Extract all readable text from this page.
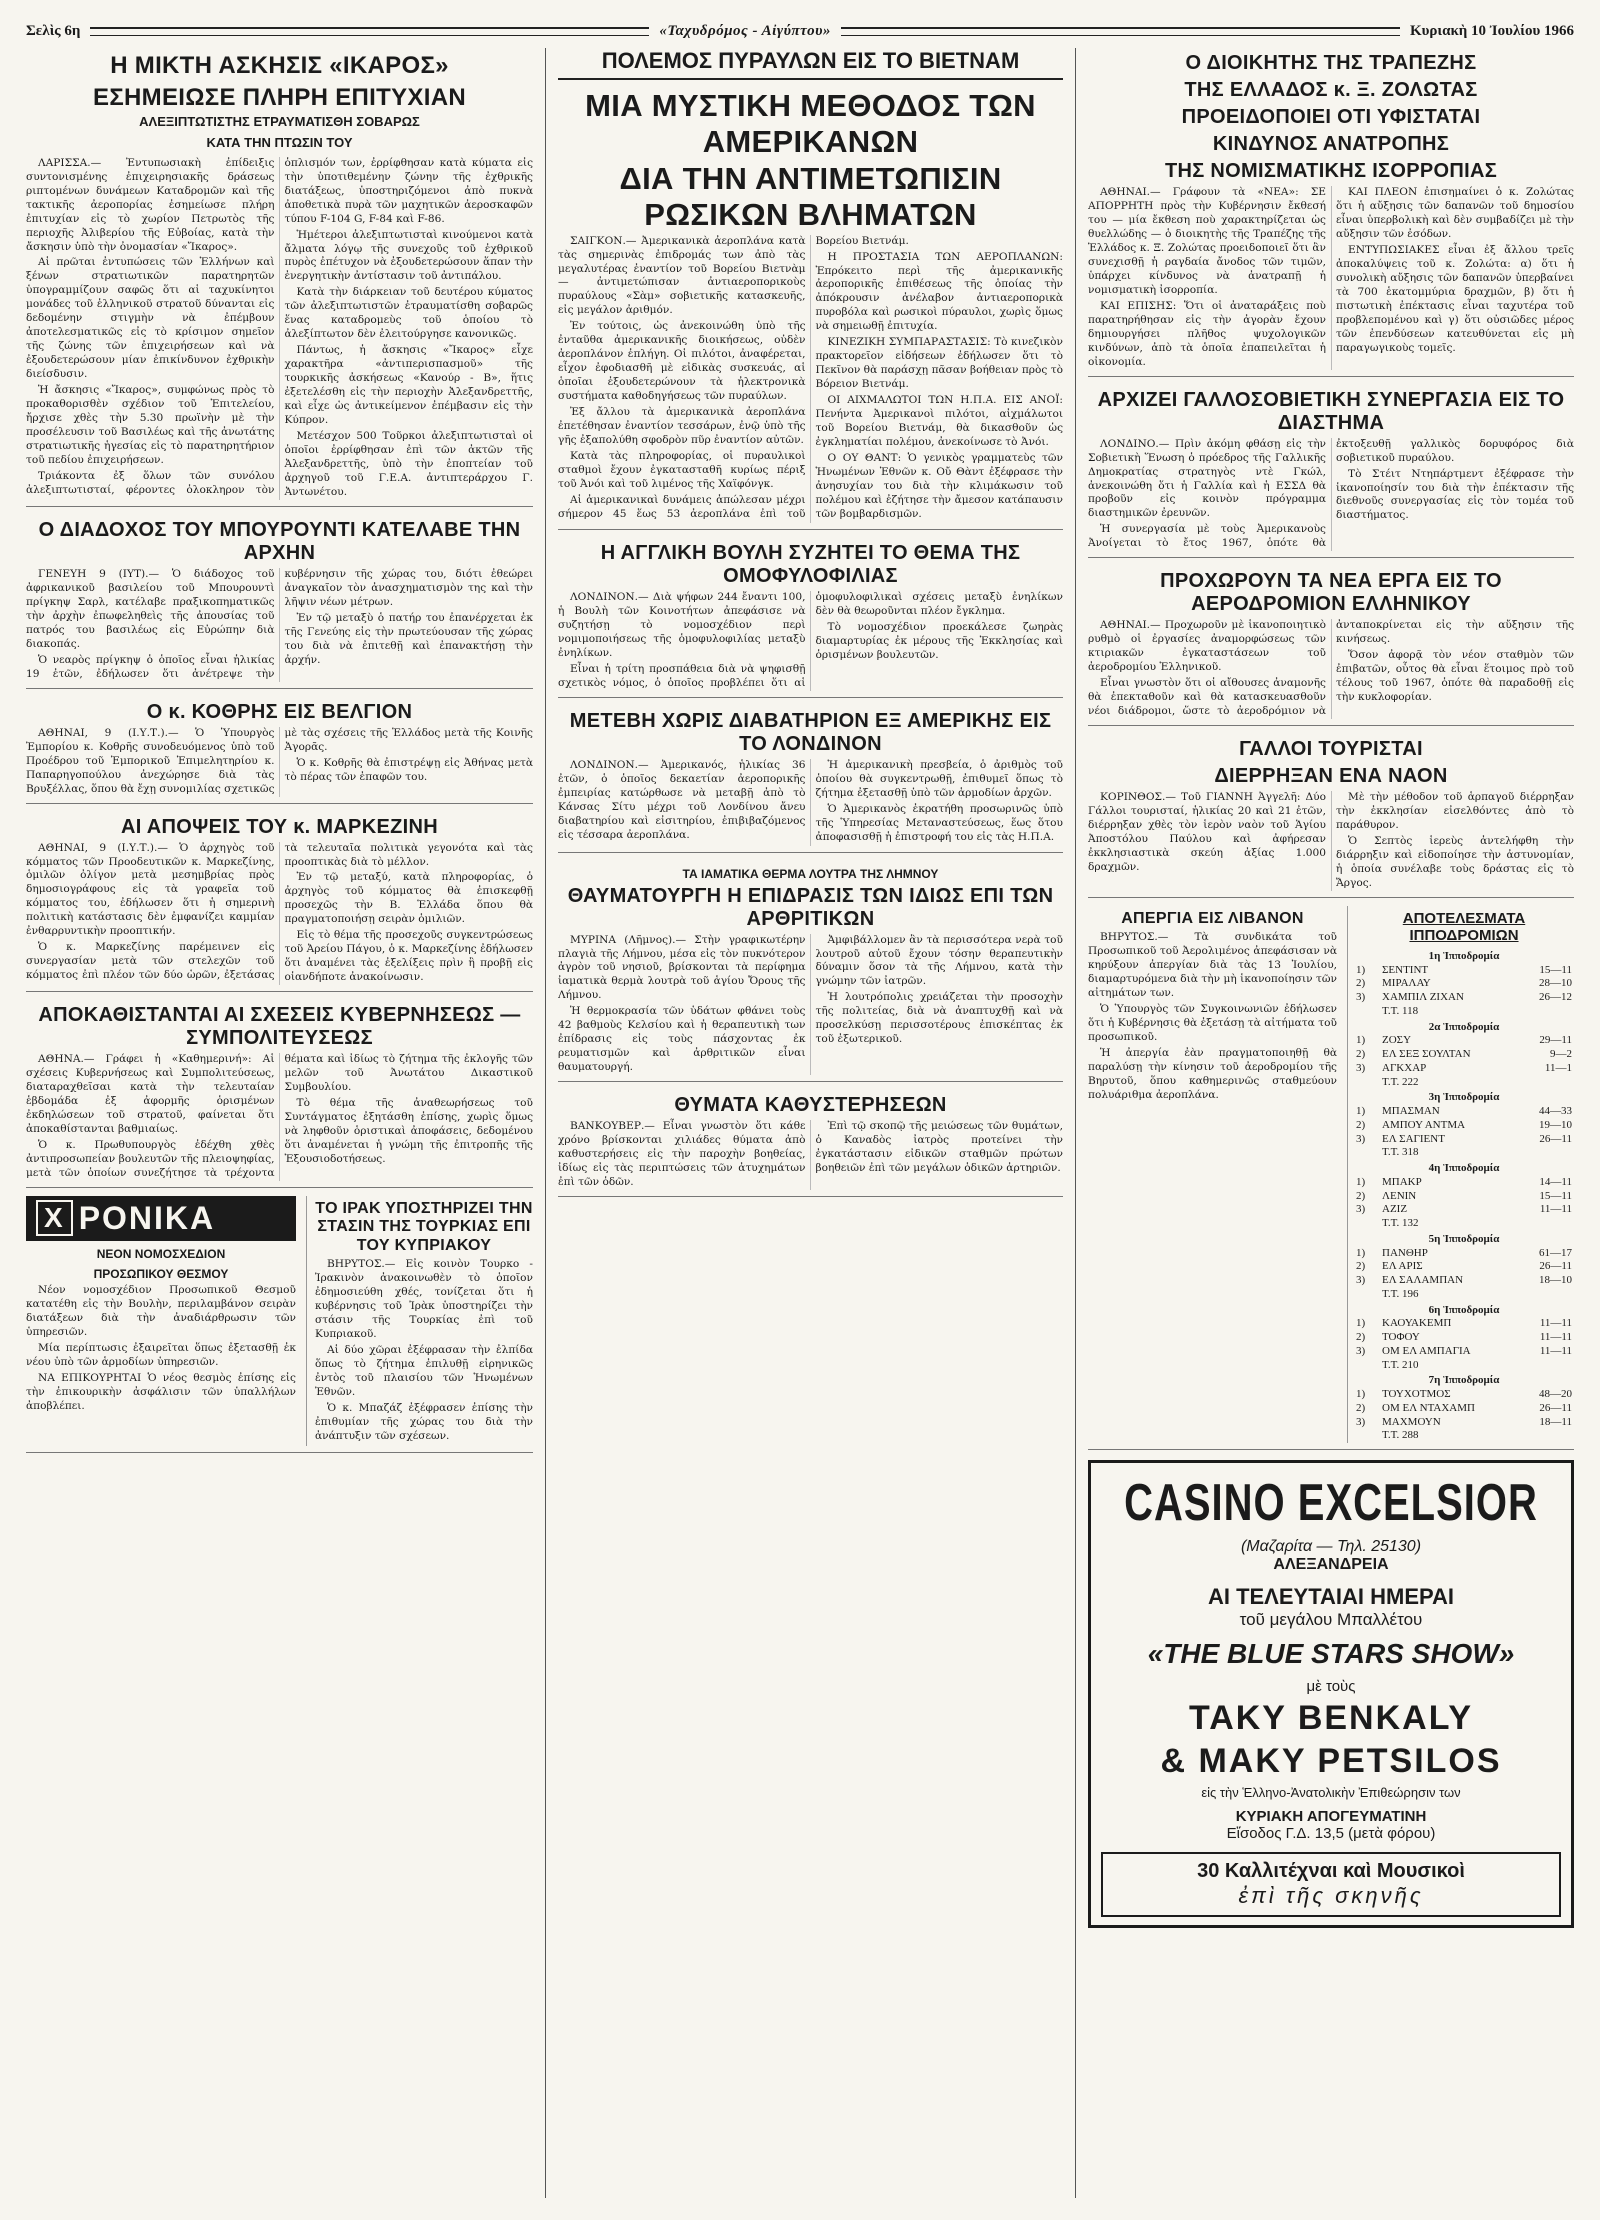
Σελὶς 6η	«Ταχυδρόμος - Αἰγύπτου»	Κυριακὴ 10 Ἰουλίου 1966
Η ΜΙΚΤΗ ΑΣΚΗΣΙΣ «ΙΚΑΡΟΣ»
ΕΣΗΜΕΙΩΣΕ ΠΛΗΡΗ ΕΠΙΤΥΧΙΑΝ
ΑΛΕΞΙΠΤΩΤΙΣΤΗΣ ΕΤΡΑΥΜΑΤΙΣΘΗ ΣΟΒΑΡΩΣ
ΚΑΤΑ ΤΗΝ ΠΤΩΣΙΝ ΤΟΥ

ΛΑΡΙΣΣΑ.— Ἐντυπωσιακὴ ἐπίδειξις συντονισμένης ἐπιχειρησιακῆς δράσεως ριπτομένων δυνάμεων Καταδρομῶν καὶ τῆς τακτικῆς ἀεροπορίας ἐσημείωσε πλήρη ἐπιτυχίαν εἰς τὸ χωρίον Πετρωτὸς τῆς περιοχῆς Ἀλιβερίου τῆς Εὐβοίας, κατὰ τὴν ἄσκησιν ὑπὸ τὴν ὀνομασίαν «Ἴκαρος».

Αἱ πρῶται ἐντυπώσεις τῶν Ἑλλήνων καὶ ξένων στρατιωτικῶν παρατηρητῶν ὑπογραμμίζουν σαφῶς ὅτι αἱ ταχυκίνητοι μονάδες τοῦ ἑλληνικοῦ στρατοῦ δύνανται εἰς δεδομένην στιγμὴν νὰ ἐπέμβουν ἀποτελεσματικῶς εἰς τὸ κρίσιμον σημεῖον τῆς ζώνης τῶν ἐπιχειρήσεων καὶ νὰ ἐξουδετερώσουν μίαν ἐπικίνδυνον ἐχθρικὴν διείσδυσιν.

Ἡ ἄσκησις «Ἴκαρος», συμφώνως πρὸς τὸ προκαθορισθὲν σχέδιον τοῦ Ἐπιτελείου, ἤρχισε χθὲς τὴν 5.30 πρωϊνὴν μὲ τὴν προσέλευσιν τοῦ Βασιλέως καὶ τῆς ἀνωτάτης στρατιωτικῆς ἡγεσίας εἰς τὸ παρατηρητήριον τοῦ πεδίου ἐπιχειρήσεων.

Τριάκοντα ἐξ ὅλων τῶν συνόλου ἀλεξιπτωτισταί, φέροντες ὁλοκληρον τὸν ὁπλισμόν των, ἐρρίφθησαν κατὰ κύματα εἰς τὴν ὑποτιθεμένην ζώνην τῆς ἐχθρικῆς διατάξεως, ὑποστηριζόμενοι ἀπὸ πυκνὰ ἀποθετικὰ πυρὰ τῶν μαχητικῶν ἀεροσκαφῶν τύπου F-104 G, F-84 καὶ F-86.

Ἡμέτεροι ἀλεξιπτωτισταὶ κινούμενοι κατὰ ἄλματα λόγῳ τῆς συνεχοῦς τοῦ ἐχθρικοῦ πυρὸς ἐπέτυχον νὰ ἐξουδετερώσουν ἅπαν τὴν ἐνεργητικὴν ἀντίστασιν τοῦ ἀντιπάλου.

Κατὰ τὴν διάρκειαν τοῦ δευτέρου κύματος τῶν ἀλεξιπτωτιστῶν ἐτραυματίσθη σοβαρῶς ἕνας καταδρομεὺς τοῦ ὁποίου τὸ ἀλεξίπτωτον δὲν ἐλειτούργησε κανονικῶς.

Πάντως, ἡ ἄσκησις «Ἴκαρος» εἶχε χαρακτῆρα «ἀντιπερισπασμοῦ» τῆς τουρκικῆς ἀσκήσεως «Κανούρ - Β», ἥτις ἐξετελέσθη εἰς τὴν περιοχὴν Ἀλεξανδρεττῆς, καὶ εἶχε ὡς ἀντικείμενον ἐπέμβασιν εἰς τὴν Κύπρον.

Μετέσχον 500 Τοῦρκοι ἀλεξιπτωτισταὶ οἱ ὁποῖοι ἐρρίφθησαν ἐπὶ τῶν ἀκτῶν τῆς Ἀλεξανδρεττῆς, ὑπὸ τὴν ἐποπτείαν τοῦ ἀρχηγοῦ τοῦ Γ.Ε.Α. ἀντιπτεράρχου Γ. Ἀντωνέτου.

Ο ΔΙΑΔΟΧΟΣ ΤΟΥ ΜΠΟΥΡΟΥΝΤΙ ΚΑΤΕΛΑΒΕ ΤΗΝ ΑΡΧΗΝ

ΓΕΝΕΥΗ 9 (ΙΥΤ).— Ὁ διάδοχος τοῦ ἀφρικανικοῦ βασιλείου τοῦ Μπουρουντὶ πρίγκηψ Σαρλ, κατέλαβε πραξικοπηματικῶς τὴν ἀρχὴν ἐπωφεληθεὶς τῆς ἀπουσίας τοῦ πατρός του βασιλέως εἰς Εὐρώπην διὰ διακοπάς.

Ὁ νεαρὸς πρίγκηψ ὁ ὁποῖος εἶναι ἡλικίας 19 ἐτῶν, ἐδήλωσεν ὅτι ἀνέτρεψε τὴν κυβέρνησιν τῆς χώρας του, διότι ἐθεώρει ἀναγκαῖον τὸν ἀνασχηματισμὸν της καὶ τὴν λῆψιν νέων μέτρων.

Ἐν τῷ μεταξὺ ὁ πατήρ του ἐπανέρχεται ἐκ τῆς Γενεύης εἰς τὴν πρωτεύουσαν τῆς χώρας του διὰ νὰ ἐπιτεθῇ καὶ ἐπανακτήσῃ τὴν ἀρχήν.

Ο κ. ΚΟΘΡΗΣ ΕΙΣ ΒΕΛΓΙΟΝ

ΑΘΗΝΑΙ, 9 (Ι.Υ.Τ.).— Ὁ Ὑπουργὸς Ἐμπορίου κ. Κοθρῆς συνοδευόμενος ὑπὸ τοῦ Προέδρου τοῦ Ἐμπορικοῦ Ἐπιμελητηρίου κ. Παπαρηγοπούλου ἀνεχώρησε διὰ τὰς Βρυξέλλας, ὅπου θὰ ἔχῃ συνομιλίας σχετικῶς μὲ τὰς σχέσεις τῆς Ἑλλάδος μετὰ τῆς Κοινῆς Ἀγορᾶς.

Ὁ κ. Κοθρῆς θὰ ἐπιστρέψῃ εἰς Ἀθήνας μετὰ τὸ πέρας τῶν ἐπαφῶν του.

ΑΙ ΑΠΟΨΕΙΣ ΤΟΥ κ. ΜΑΡΚΕΖΙΝΗ

ΑΘΗΝΑΙ, 9 (Ι.Υ.Τ.).— Ὁ ἀρχηγὸς τοῦ κόμματος τῶν Προοδευτικῶν κ. Μαρκεζίνης, ὁμιλῶν ὀλίγον μετὰ μεσημβρίας πρὸς δημοσιογράφους εἰς τὰ γραφεῖα τοῦ κόμματος του, ἐδήλωσεν ὅτι ἡ σημερινὴ πολιτικὴ κατάστασις δὲν ἐμφανίζει καμμίαν ἐνθαρρυντικὴν προοπτικήν.

Ὁ κ. Μαρκεζίνης παρέμεινεν εἰς συνεργασίαν μετὰ τῶν στελεχῶν τοῦ κόμματος ἐπὶ πλέον τῶν δύο ὡρῶν, ἐξετάσας τὰ τελευταῖα πολιτικὰ γεγονότα καὶ τὰς προοπτικὰς διὰ τὸ μέλλον.

Ἐν τῷ μεταξύ, κατὰ πληροφορίας, ὁ ἀρχηγὸς τοῦ κόμματος θὰ ἐπισκεφθῇ προσεχῶς τὴν Β. Ἑλλάδα ὅπου θὰ πραγματοποιήσῃ σειρὰν ὁμιλιῶν.

Εἰς τὸ θέμα τῆς προσεχοῦς συγκεντρώσεως τοῦ Ἀρείου Πάγου, ὁ κ. Μαρκεζίνης ἐδήλωσεν ὅτι ἀναμένει τὰς ἐξελίξεις πρὶν ἢ προβῇ εἰς οἱανδήποτε ἀνακοίνωσιν.

ΑΠΟΚΑΘΙΣΤΑΝΤΑΙ ΑΙ ΣΧΕΣΕΙΣ ΚΥΒΕΡΝΗΣΕΩΣ — ΣΥΜΠΟΛΙΤΕΥΣΕΩΣ

ΑΘΗΝΑ.— Γράφει ἡ «Καθημερινή»: Αἱ σχέσεις Κυβερνήσεως καὶ Συμπολιτεύσεως, διαταραχθεῖσαι κατὰ τὴν τελευταίαν ἑβδομάδα ἐξ ἀφορμῆς ὁρισμένων ἐκδηλώσεων τοῦ στρατοῦ, φαίνεται ὅτι ἀποκαθίστανται βαθμιαίως.

Ὁ κ. Πρωθυπουργὸς ἐδέχθη χθὲς ἀντιπροσωπείαν βουλευτῶν τῆς πλειοψηφίας, μετὰ τῶν ὁποίων συνεζήτησε τὰ τρέχοντα θέματα καὶ ἰδίως τὸ ζήτημα τῆς ἐκλογῆς τῶν μελῶν τοῦ Ἀνωτάτου Δικαστικοῦ Συμβουλίου.

Τὸ θέμα τῆς ἀναθεωρήσεως τοῦ Συντάγματος ἐξητάσθη ἐπίσης, χωρὶς ὅμως νὰ ληφθοῦν ὁριστικαὶ ἀποφάσεις, δεδομένου ὅτι ἀναμένεται ἡ γνώμη τῆς ἐπιτροπῆς τῆς Ἐξουσιοδοτήσεως.

X ΡΟΝΙΚΑ
ΝΕΟΝ ΝΟΜΟΣΧΕΔΙΟΝ
ΠΡΟΣΩΠΙΚΟΥ ΘΕΣΜΟΥ

Νέον νομοσχέδιον Προσωπικοῦ Θεσμοῦ κατατέθη εἰς τὴν Βουλὴν, περιλαμβάνον σειρὰν διατάξεων διὰ τὴν ἀναδιάρθρωσιν τῶν ὑπηρεσιῶν.

Μία περίπτωσις ἐξαιρεῖται ὅπως ἐξετασθῇ ἐκ νέου ὑπὸ τῶν ἁρμοδίων ὑπηρεσιῶν.

ΝΑ ΕΠΙΚΟΥΡΗΤΑΙ Ὁ νέος θεσμὸς ἐπίσης εἰς τὴν ἐπικουρικὴν ἀσφάλισιν τῶν ὑπαλλήλων ἀποβλέπει.

ΤΟ ΙΡΑΚ ΥΠΟΣΤΗΡΙΖΕΙ ΤΗΝ ΣΤΑΣΙΝ ΤΗΣ ΤΟΥΡΚΙΑΣ ΕΠΙ ΤΟΥ ΚΥΠΡΙΑΚΟΥ

ΒΗΡΥΤΟΣ.— Εἰς κοινὸν Τουρκο - Ἰρακινὸν ἀνακοινωθὲν τὸ ὁποῖον ἐδημοσιεύθη χθές, τονίζεται ὅτι ἡ κυβέρνησις τοῦ Ἰρὰκ ὑποστηρίζει τὴν στάσιν τῆς Τουρκίας ἐπὶ τοῦ Κυπριακοῦ.

Αἱ δύο χῶραι ἐξέφρασαν τὴν ἐλπίδα ὅπως τὸ ζήτημα ἐπιλυθῇ εἰρηνικῶς ἐντὸς τοῦ πλαισίου τῶν Ἡνωμένων Ἐθνῶν.

Ὁ κ. Μπαζάζ ἐξέφρασεν ἐπίσης τὴν ἐπιθυμίαν τῆς χώρας του διὰ τὴν ἀνάπτυξιν τῶν σχέσεων.

ΠΟΛΕΜΟΣ ΠΥΡΑΥΛΩΝ ΕΙΣ ΤΟ ΒΙΕΤΝΑΜ
ΜΙΑ ΜΥΣΤΙΚΗ ΜΕΘΟΔΟΣ ΤΩΝ ΑΜΕΡΙΚΑΝΩΝ
ΔΙΑ ΤΗΝ ΑΝΤΙΜΕΤΩΠΙΣΙΝ ΡΩΣΙΚΩΝ ΒΛΗΜΑΤΩΝ

ΣΑΙΓΚΟΝ.— Ἀμερικανικὰ ἀεροπλάνα κατὰ τὰς σημερινὰς ἐπιδρομάς των ἀπὸ τὰς μεγαλυτέρας ἐναντίον τοῦ Βορείου Βιετνὰμ — ἀντιμετώπισαν ἀντιαεροπορικοὺς πυραύλους «Σὰμ» σοβιετικῆς κατασκευῆς, εἰς μεγάλον ἀριθμόν.

Ἐν τούτοις, ὡς ἀνεκοινώθη ὑπὸ τῆς ἐνταῦθα ἀμερικανικῆς διοικήσεως, οὐδὲν ἀεροπλάνον ἐπλήγη. Οἱ πιλότοι, ἀναφέρεται, εἶχον ἐφοδιασθῆ μὲ εἰδικὰς συσκευάς, αἱ ὁποῖαι ἐξουδετερώνουν τὰ ἠλεκτρονικὰ συστήματα καθοδηγήσεως τῶν πυραύλων.

Ἐξ ἄλλου τὰ ἀμερικανικὰ ἀεροπλάνα ἐπετέθησαν ἐναντίον τεσσάρων, ἐνῷ ὑπὸ τῆς γῆς ἐξαπολύθη σφοδρὸν πῦρ ἐναντίον αὐτῶν.

Κατὰ τὰς πληροφορίας, οἱ πυραυλικοὶ σταθμοὶ ἔχουν ἐγκατασταθῆ κυρίως πέριξ τοῦ Ἀνόι καὶ τοῦ λιμένος τῆς Χαϊφόνγκ.

Αἱ ἀμερικανικαὶ δυνάμεις ἀπώλεσαν μέχρι σήμερον 45 ἕως 53 ἀεροπλάνα ἐπὶ τοῦ Βορείου Βιετνάμ.

Η ΠΡΟΣΤΑΣΙΑ ΤΩΝ ΑΕΡΟΠΛΑΝΩΝ: Ἐπρόκειτο περὶ τῆς ἀμερικανικῆς ἀεροπορικῆς ἐπιθέσεως τῆς ὁποίας τὴν ἀπόκρουσιν ἀνέλαβον ἀντιαεροπορικὰ πυροβόλα καὶ ρωσικοὶ πύραυλοι, χωρὶς ὅμως νὰ σημειωθῇ ἐπιτυχία.

ΚΙΝΕΖΙΚΗ ΣΥΜΠΑΡΑΣΤΑΣΙΣ: Τὸ κινεζικὸν πρακτορεῖον εἰδήσεων ἐδήλωσεν ὅτι τὸ Πεκῖνον θὰ παράσχῃ πᾶσαν βοήθειαν πρὸς τὸ Βόρειον Βιετνάμ.

ΟΙ ΑΙΧΜΑΛΩΤΟΙ ΤΩΝ Η.Π.Α. ΕΙΣ ΑΝΟΪ: Πενήντα Ἀμερικανοὶ πιλότοι, αἰχμάλωτοι τοῦ Βορείου Βιετνάμ, θὰ δικασθοῦν ὡς ἐγκληματίαι πολέμου, ἀνεκοίνωσε τὸ Ἀνόι.

Ο ΟΥ ΘΑΝΤ: Ὁ γενικὸς γραμματεὺς τῶν Ἡνωμένων Ἐθνῶν κ. Οὔ Θὰντ ἐξέφρασε τὴν ἀνησυχίαν του διὰ τὴν κλιμάκωσιν τοῦ πολέμου καὶ ἐζήτησε τὴν ἄμεσον κατάπαυσιν τῶν βομβαρδισμῶν.

Η ΑΓΓΛΙΚΗ ΒΟΥΛΗ ΣΥΖΗΤΕΙ ΤΟ ΘΕΜΑ ΤΗΣ ΟΜΟΦΥΛΟΦΙΛΙΑΣ

ΛΟΝΔΙΝΟΝ.— Διὰ ψήφων 244 ἔναντι 100, ἡ Βουλὴ τῶν Κοινοτήτων ἀπεφάσισε νὰ συζητήσῃ τὸ νομοσχέδιον περὶ νομιμοποιήσεως τῆς ὁμοφυλοφιλίας μεταξὺ ἐνηλίκων.

Εἶναι ἡ τρίτη προσπάθεια διὰ νὰ ψηφισθῇ σχετικὸς νόμος, ὁ ὁποῖος προβλέπει ὅτι αἱ ὁμοφυλοφιλικαὶ σχέσεις μεταξὺ ἐνηλίκων δὲν θὰ θεωροῦνται πλέον ἔγκλημα.

Τὸ νομοσχέδιον προεκάλεσε ζωηρὰς διαμαρτυρίας ἐκ μέρους τῆς Ἐκκλησίας καὶ ὁρισμένων βουλευτῶν.

ΜΕΤΕΒΗ ΧΩΡΙΣ ΔΙΑΒΑΤΗΡΙΟΝ ΕΞ ΑΜΕΡΙΚΗΣ ΕΙΣ ΤΟ ΛΟΝΔΙΝΟΝ

ΛΟΝΔΙΝΟΝ.— Ἀμερικανός, ἡλικίας 36 ἐτῶν, ὁ ὁποῖος δεκαετίαν ἀεροπορικῆς ἐμπειρίας κατώρθωσε νὰ μεταβῇ ἀπὸ τὸ Κάνσας Σίτυ μέχρι τοῦ Λονδίνου ἄνευ διαβατηρίου καὶ εἰσιτηρίου, ἐπιβιβαζόμενος εἰς τέσσαρα ἀεροπλάνα.

Ἡ ἀμερικανικὴ πρεσβεία, ὁ ἀριθμὸς τοῦ ὁποίου θὰ συγκεντρωθῇ, ἐπιθυμεῖ ὅπως τὸ ζήτημα ἐξετασθῇ ὑπὸ τῶν ἁρμοδίων ἀρχῶν.

Ὁ Ἀμερικανὸς ἐκρατήθη προσωρινῶς ὑπὸ τῆς Ὑπηρεσίας Μεταναστεύσεως, ἕως ὅτου ἀποφασισθῇ ἡ ἐπιστροφή του εἰς τὰς Η.Π.Α.

ΤΑ ΙΑΜΑΤΙΚΑ ΘΕΡΜΑ ΛΟΥΤΡΑ ΤΗΣ ΛΗΜΝΟΥ
ΘΑΥΜΑΤΟΥΡΓΗ Η ΕΠΙΔΡΑΣΙΣ ΤΩΝ ΙΔΙΩΣ ΕΠΙ ΤΩΝ ΑΡΘΡΙΤΙΚΩΝ

ΜΥΡΙΝΑ (Λῆμνος).— Στὴν γραφικωτέρην πλαγιὰ τῆς Λήμνου, μέσα εἰς τὸν πυκνότερον ἀγρὸν τοῦ νησιοῦ, βρίσκονται τὰ περίφημα ἰαματικὰ θερμὰ λουτρὰ τοῦ ἁγίου Ὄρους τῆς Λήμνου.

Ἡ θερμοκρασία τῶν ὑδάτων φθάνει τοὺς 42 βαθμοὺς Κελσίου καὶ ἡ θεραπευτικὴ των ἐπίδρασις εἰς τοὺς πάσχοντας ἐκ ρευματισμῶν καὶ ἀρθριτικῶν εἶναι θαυματουργή.

Ἀμφιβάλλομεν ἂν τὰ περισσότερα νερὰ τοῦ λουτροῦ αὐτοῦ ἔχουν τόσην θεραπευτικὴν δύναμιν ὅσον τὰ τῆς Λήμνου, κατὰ τὴν γνώμην τῶν ἰατρῶν.

Ἡ λουτρόπολις χρειάζεται τὴν προσοχὴν τῆς πολιτείας, διὰ νὰ ἀναπτυχθῇ καὶ νὰ προσελκύσῃ περισσοτέρους ἐπισκέπτας ἐκ τοῦ ἐξωτερικοῦ.

ΘΥΜΑΤΑ ΚΑΘΥΣΤΕΡΗΣΕΩΝ

ΒΑΝΚΟΥΒΕΡ.— Εἶναι γνωστὸν ὅτι κάθε χρόνο βρίσκονται χιλιάδες θύματα ἀπὸ καθυστερήσεις εἰς τὴν παροχὴν βοηθείας, ἰδίως εἰς τὰς περιπτώσεις τῶν ἀτυχημάτων ἐπὶ τῶν ὁδῶν.

Ἐπὶ τῷ σκοπῷ τῆς μειώσεως τῶν θυμάτων, ὁ Καναδὸς ἰατρὸς προτείνει τὴν ἐγκατάστασιν εἰδικῶν σταθμῶν πρώτων βοηθειῶν ἐπὶ τῶν μεγάλων ὁδικῶν ἀρτηριῶν.

Ο ΔΙΟΙΚΗΤΗΣ ΤΗΣ ΤΡΑΠΕΖΗΣ
ΤΗΣ ΕΛΛΑΔΟΣ κ. Ξ. ΖΟΛΩΤΑΣ
ΠΡΟΕΙΔΟΠΟΙΕΙ ΟΤΙ ΥΦΙΣΤΑΤΑΙ
ΚΙΝΔΥΝΟΣ ΑΝΑΤΡΟΠΗΣ
ΤΗΣ ΝΟΜΙΣΜΑΤΙΚΗΣ ΙΣΟΡΡΟΠΙΑΣ

ΑΘΗΝΑΙ.— Γράφουν τὰ «ΝΕΑ»: ΣΕ ΑΠΟΡΡΗΤΗ πρὸς τὴν Κυβέρνησιν ἔκθεσή του — μία ἔκθεση ποὺ χαρακτηρίζεται ὡς θυελλώδης — ὁ διοικητὴς τῆς Τραπέζης τῆς Ἑλλάδος κ. Ξ. Ζολώτας προειδοποιεῖ ὅτι ἂν συνεχισθῇ ἡ ραγδαία ἄνοδος τῶν τιμῶν, ὑπάρχει κίνδυνος νὰ ἀνατραπῇ ἡ νομισματικὴ ἰσορροπία.

ΚΑΙ ΕΠΙΣΗΣ: Ὅτι οἱ ἀναταράξεις ποὺ παρατηρήθησαν εἰς τὴν ἀγορὰν ἔχουν δημιουργήσει πλῆθος ψυχολογικῶν κινδύνων, ἀπὸ τὰ ὁποῖα ἐπαπειλεῖται ἡ οἰκονομία.

ΚΑΙ ΠΛΕΟΝ ἐπισημαίνει ὁ κ. Ζολώτας ὅτι ἡ αὔξησις τῶν δαπανῶν τοῦ δημοσίου εἶναι ὑπερβολικὴ καὶ δὲν συμβαδίζει μὲ τὴν αὔξησιν τῶν ἐσόδων.

ΕΝΤΥΠΩΣΙΑΚΕΣ εἶναι ἐξ ἄλλου τρεῖς ἀποκαλύψεις τοῦ κ. Ζολώτα: α) ὅτι ἡ συνολικὴ αὔξησις τῶν δαπανῶν ὑπερβαίνει τὰ 700 ἑκατομμύρια δραχμῶν, β) ὅτι ἡ πιστωτικὴ ἐπέκτασις εἶναι ταχυτέρα τοῦ προβλεπομένου καὶ γ) ὅτι οὐσιῶδες μέρος τῶν ἐπενδύσεων κατευθύνεται εἰς μὴ παραγωγικοὺς τομεῖς.

ΑΡΧΙΖΕΙ ΓΑΛΛΟΣΟΒΙΕΤΙΚΗ ΣΥΝΕΡΓΑΣΙΑ ΕΙΣ ΤΟ ΔΙΑΣΤΗΜΑ

ΛΟΝΔΙΝΟ.— Πρὶν ἀκόμη φθάσῃ εἰς τὴν Σοβιετικὴ Ἕνωση ὁ πρόεδρος τῆς Γαλλικῆς Δημοκρατίας στρατηγὸς ντὲ Γκώλ, ἀνεκοινώθη ὅτι ἡ Γαλλία καὶ ἡ ΕΣΣΔ θὰ προβοῦν εἰς κοινὸν πρόγραμμα διαστημικῶν ἐρευνῶν.

Ἡ συνεργασία μὲ τοὺς Ἀμερικανοὺς Ἀνοίγεται τὸ ἔτος 1967, ὁπότε θὰ ἐκτοξευθῇ γαλλικὸς δορυφόρος διὰ σοβιετικοῦ πυραύλου.

Τὸ Στέιτ Ντηπάρτμεντ ἐξέφρασε τὴν ἱκανοποίησίν του διὰ τὴν ἐπέκτασιν τῆς διεθνοῦς συνεργασίας εἰς τὸν τομέα τοῦ διαστήματος.

ΠΡΟΧΩΡΟΥΝ ΤΑ ΝΕΑ ΕΡΓΑ ΕΙΣ ΤΟ ΑΕΡΟΔΡΟΜΙΟΝ ΕΛΛΗΝΙΚΟΥ

ΑΘΗΝΑΙ.— Προχωροῦν μὲ ἱκανοποιητικὸ ρυθμὸ οἱ ἐργασίες ἀναμορφώσεως τῶν κτιριακῶν ἐγκαταστάσεων τοῦ ἀεροδρομίου Ἑλληνικοῦ.

Εἶναι γνωστὸν ὅτι οἱ αἴθουσες ἀναμονῆς θὰ ἐπεκταθοῦν καὶ θὰ κατασκευασθοῦν νέοι διάδρομοι, ὥστε τὸ ἀεροδρόμιον νὰ ἀνταποκρίνεται εἰς τὴν αὔξησιν τῆς κινήσεως.

Ὅσον ἀφορᾷ τὸν νέον σταθμὸν τῶν ἐπιβατῶν, οὗτος θὰ εἶναι ἕτοιμος πρὸ τοῦ τέλους τοῦ 1967, ὁπότε θὰ παραδοθῇ εἰς τὴν κυκλοφορίαν.

ΓΑΛΛΟΙ ΤΟΥΡΙΣΤΑΙ
ΔΙΕΡΡΗΞΑΝ ΕΝΑ ΝΑΟΝ

ΚΟΡΙΝΘΟΣ.— Τοῦ ΓΙΑΝΝΗ Ἀγγελῆ: Δύο Γάλλοι τουρισταί, ἡλικίας 20 καὶ 21 ἐτῶν, διέρρηξαν χθὲς τὸν ἱερὸν ναὸν τοῦ Ἁγίου Ἀποστόλου Παύλου καὶ ἀφήρεσαν ἐκκλησιαστικὰ σκεύη ἀξίας 1.000 δραχμῶν.

Μὲ τὴν μέθοδον τοῦ ἁρπαγοῦ διέρρηξαν τὴν ἐκκλησίαν εἰσελθόντες ἀπὸ τὸ παράθυρον.

Ὁ Σεπτὸς ἱερεὺς ἀντελήφθη τὴν διάρρηξιν καὶ εἰδοποίησε τὴν ἀστυνομίαν, ἡ ὁποία συνέλαβε τοὺς δράστας εἰς τὸ Ἄργος.

ΑΠΕΡΓΙΑ ΕΙΣ ΛΙΒΑΝΟΝ

ΒΗΡΥΤΟΣ.— Τὰ συνδικάτα τοῦ Προσωπικοῦ τοῦ Ἀερολιμένος ἀπεφάσισαν νὰ κηρύξουν ἀπεργίαν διὰ τὰς 13 Ἰουλίου, διαμαρτυρόμενα διὰ τὴν μὴ ἱκανοποίησιν τῶν αἰτημάτων των.

Ὁ Ὑπουργὸς τῶν Συγκοινωνιῶν ἐδήλωσεν ὅτι ἡ Κυβέρνησις θὰ ἐξετάσῃ τὰ αἰτήματα τοῦ προσωπικοῦ.

Ἡ ἀπεργία ἐὰν πραγματοποιηθῇ θὰ παραλύσῃ τὴν κίνησιν τοῦ ἀεροδρομίου τῆς Βηρυτοῦ, ὅπου καθημερινῶς σταθμεύουν πολυάριθμα ἀεροπλάνα.

ΑΠΟΤΕΛΕΣΜΑΤΑ ΙΠΠΟΔΡΟΜΙΩΝ
1η Ἱπποδρομία		
1)	ΣΕΝΤΙΝΤ	15—11
2)	ΜΙΡΑΛΑΥ	28—10
3)	ΧΑΜΠΙΛ ΖΙΧΑΝ	26—12
	Τ.Τ. 118	
2α Ἱπποδρομία		
1)	ΖΟΣΥ	29—11
2)	ΕΛ ΣΕΞ ΣΟΥΛΤΑΝ	9—2
3)	ΑΓΚΧΑΡ	11—1
	Τ.Τ. 222	
3η Ἱπποδρομία		
1)	ΜΠΑΣΜΑΝ	44—33
2)	ΑΜΠΟΥ ΑΝΤΜΑ	19—10
3)	ΕΛ ΣΑΓΙΕΝΤ	26—11
	Τ.Τ. 318	
4η Ἱπποδρομία		
1)	ΜΠΑΚΡ	14—11
2)	ΛΕΝΙΝ	15—11
3)	ΑΖΙΖ	11—11
	Τ.Τ. 132	
5η Ἱπποδρομία		
1)	ΠΑΝΘΗΡ	61—17
2)	ΕΛ ΑΡΙΣ	26—11
3)	ΕΛ ΣΑΛΑΜΠΑΝ	18—10
	Τ.Τ. 196	
6η Ἱπποδρομία		
1)	ΚΑΟΥΑΚΕΜΠ	11—11
2)	ΤΟΦΟΥ	11—11
3)	ΟΜ ΕΛ ΑΜΠΑΓΙΑ	11—11
	Τ.Τ. 210	
7η Ἱπποδρομία		
1)	ΤΟΥΧΟΤΜΟΣ	48—20
2)	ΟΜ ΕΛ ΝΤΑΧΑΜΠ	26—11
3)	ΜΑΧΜΟΥΝ	18—11
	Τ.Τ. 288	
CASINO EXCELSIOR
(Μαζαρίτα — Τηλ. 25130)
ΑΛΕΞΑΝΔΡΕΙΑ
ΑΙ ΤΕΛΕΥΤΑΙΑΙ ΗΜΕΡΑΙ
τοῦ μεγάλου Μπαλλέτου
«THE BLUE STARS SHOW»
μὲ τοὺς
TAKY BENKALY
& MAKY PETSILOS
εἰς τὴν Ἑλληνο-Ἀνατολικὴν Ἐπιθεώρησιν των
ΚΥΡΙΑΚΗ ΑΠΟΓΕΥΜΑΤΙΝΗ
Εἴσοδος Γ.Δ. 13,5 (μετὰ φόρου)
30 Καλλιτέχναι καὶ Μουσικοὶ
ἐπὶ τῆς σκηνῆς
